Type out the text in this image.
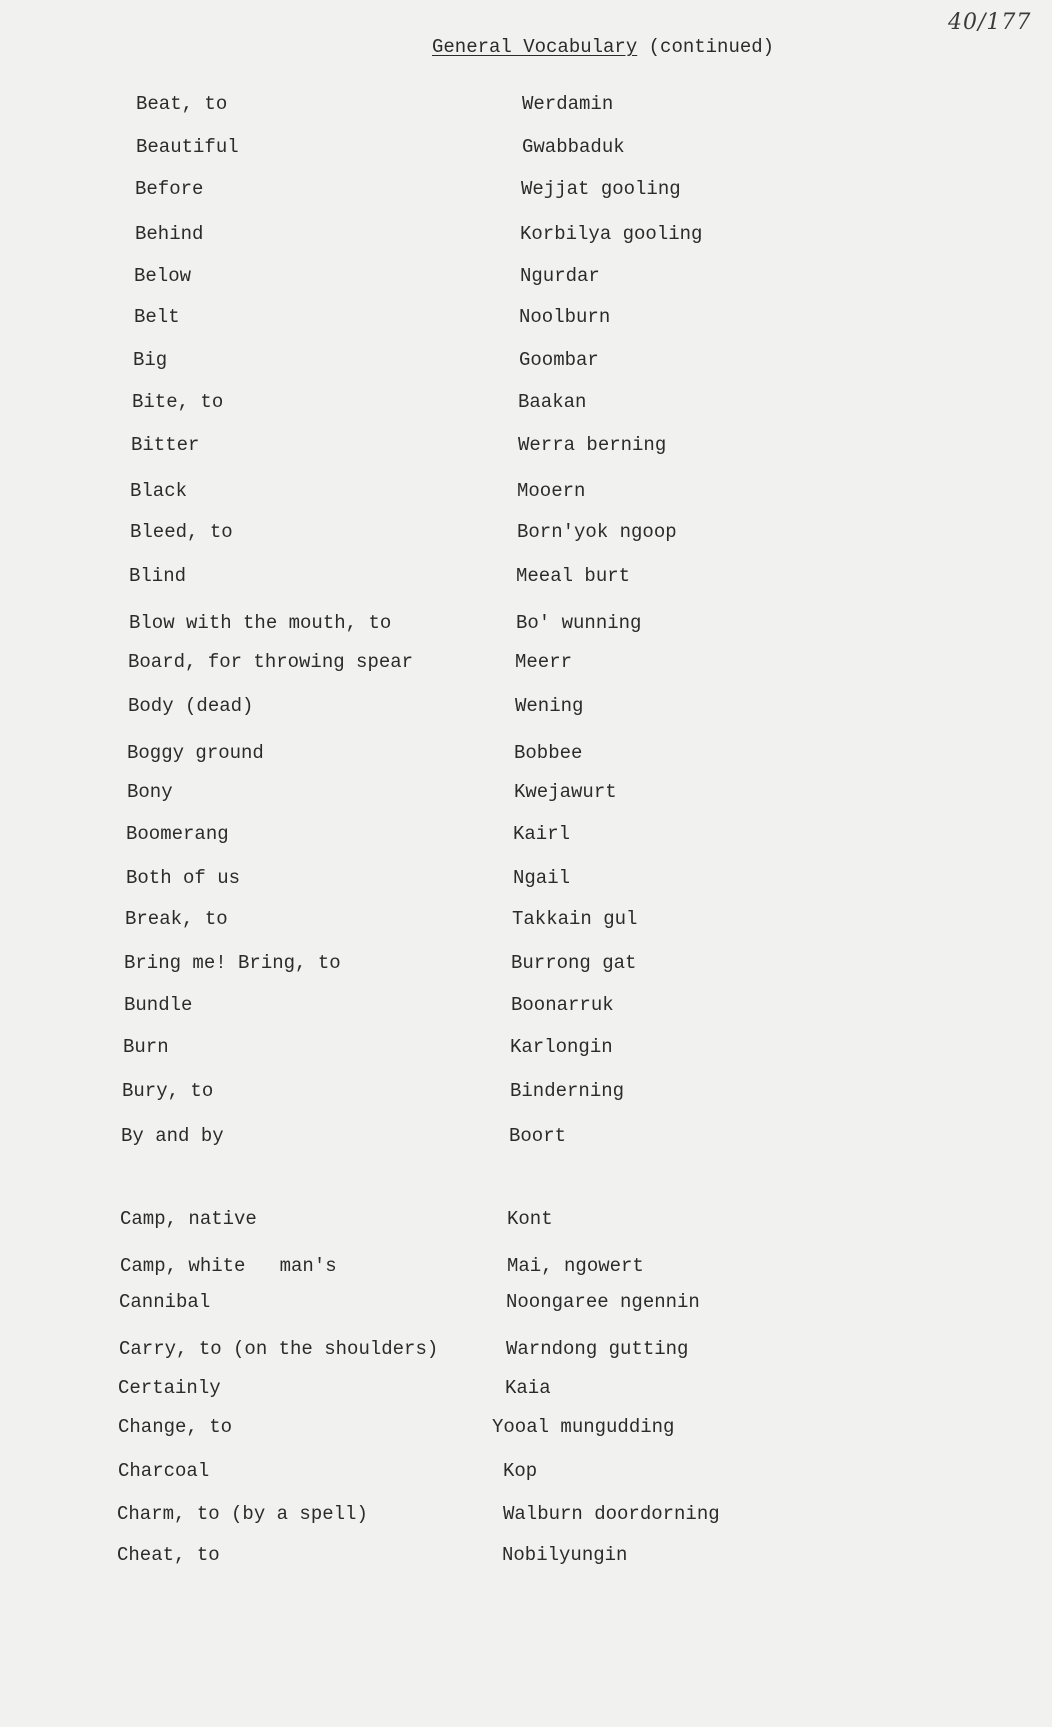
40/177
General Vocabulary (continued)
Beat, to	Werdamin
Beautiful	Gwabbaduk
Before	Wejjat gooling
Behind	Korbilya gooling
Below	Ngurdar
Belt	Noolburn
Big	Goombar
Bite, to	Baakan
Bitter	Werra berning
Black	Mooern
Bleed, to	Born'yok ngoop
Blind	Meeal burt
Blow with the mouth, to	Bo' wunning
Board, for throwing spear	Meerr
Body (dead)	Wening
Boggy ground	Bobbee
Bony	Kwejawurt
Boomerang	Kairl
Both of us	Ngail
Break, to	Takkain gul
Bring me! Bring, to	Burrong gat
Bundle	Boonarruk
Burn	Karlongin
Bury, to	Binderning
By and by	Boort
Camp, native	Kont
Camp, white   man's	Mai, ngowert
Cannibal	Noongaree ngennin
Carry, to (on the shoulders)	Warndong gutting
Certainly	Kaia
Change, to	Yooal mungudding
Charcoal	Kop
Charm, to (by a spell)	Walburn doordorning
Cheat, to	Nobilyungin
